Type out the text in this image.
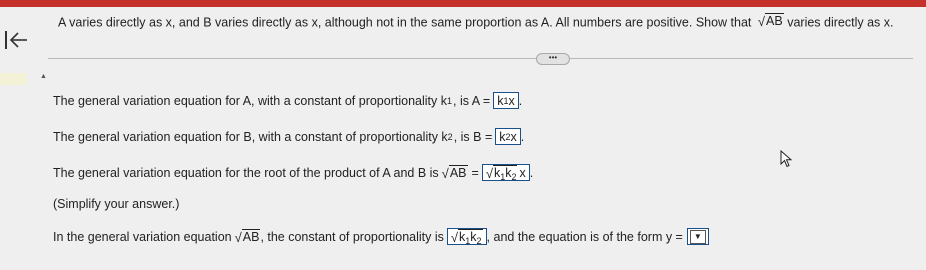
A varies directly as x, and B varies directly as x, although not in the same proportion as A. All numbers are positive. Show that √ AB varies directly as x.
•••
▲
The general variation equation for A, with a constant of proportionality k 1 , is A = k 1 x .
The general variation equation for B, with a constant of proportionality k 2 , is B = k 2 x .
The general variation equation for the root of the product of A and B is √ AB = √ $k_1k_2$ x .
(Simplify your answer.)
In the general variation equation √ AB , the constant of proportionality is √ $k_1k_2$ , and the equation is of the form y =	▼
